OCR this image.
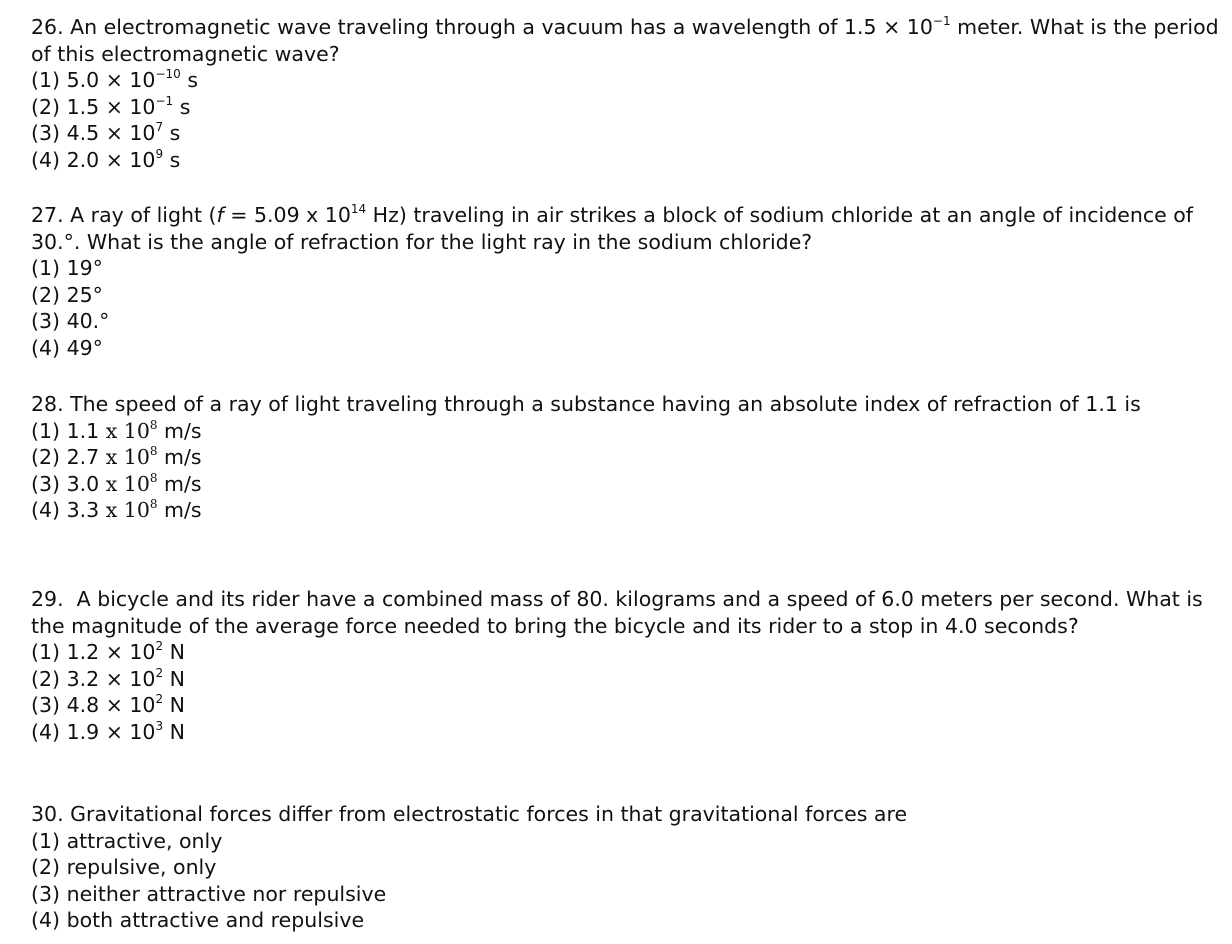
26. An electromagnetic wave traveling through a vacuum has a wavelength of $1.5 \times 10^{-1}$ meter. What is the period of this electromagnetic wave?

(1) $5.0 \times 10^{-10}$ s
(2) $1.5 \times 10^{-1}$ s
(3) $4.5 \times 10^7$ s
(4) $2.0 \times 10^9$ s

27. A ray of light (f = 5.09 x $10^{14}$ Hz) traveling in air strikes a block of sodium chloride at an angle of incidence of 30.°. What is the angle of refraction for the light ray in the sodium chloride?

(1) 19°
(2) 25°
(3) 40.°
(4) 49°

28. The speed of a ray of light traveling through a substance having an absolute index of refraction of 1.1 is

(1) 1.1 x $10^8$ m/s
(2) 2.7 x $10^8$ m/s
(3) 3.0 x $10^8$ m/s
(4) 3.3 x $10^8$ m/s

29. A bicycle and its rider have a combined mass of 80. kilograms and a speed of 6.0 meters per second. What is the magnitude of the average force needed to bring the bicycle and its rider to a stop in 4.0 seconds?

(1) $1.2 \times 10^2$ N
(2) $3.2 \times 10^2$ N
(3) $4.8 \times 10^2$ N
(4) $1.9 \times 10^3$ N

30. Gravitational forces differ from electrostatic forces in that gravitational forces are

(1) attractive, only
(2) repulsive, only
(3) neither attractive nor repulsive
(4) both attractive and repulsive
